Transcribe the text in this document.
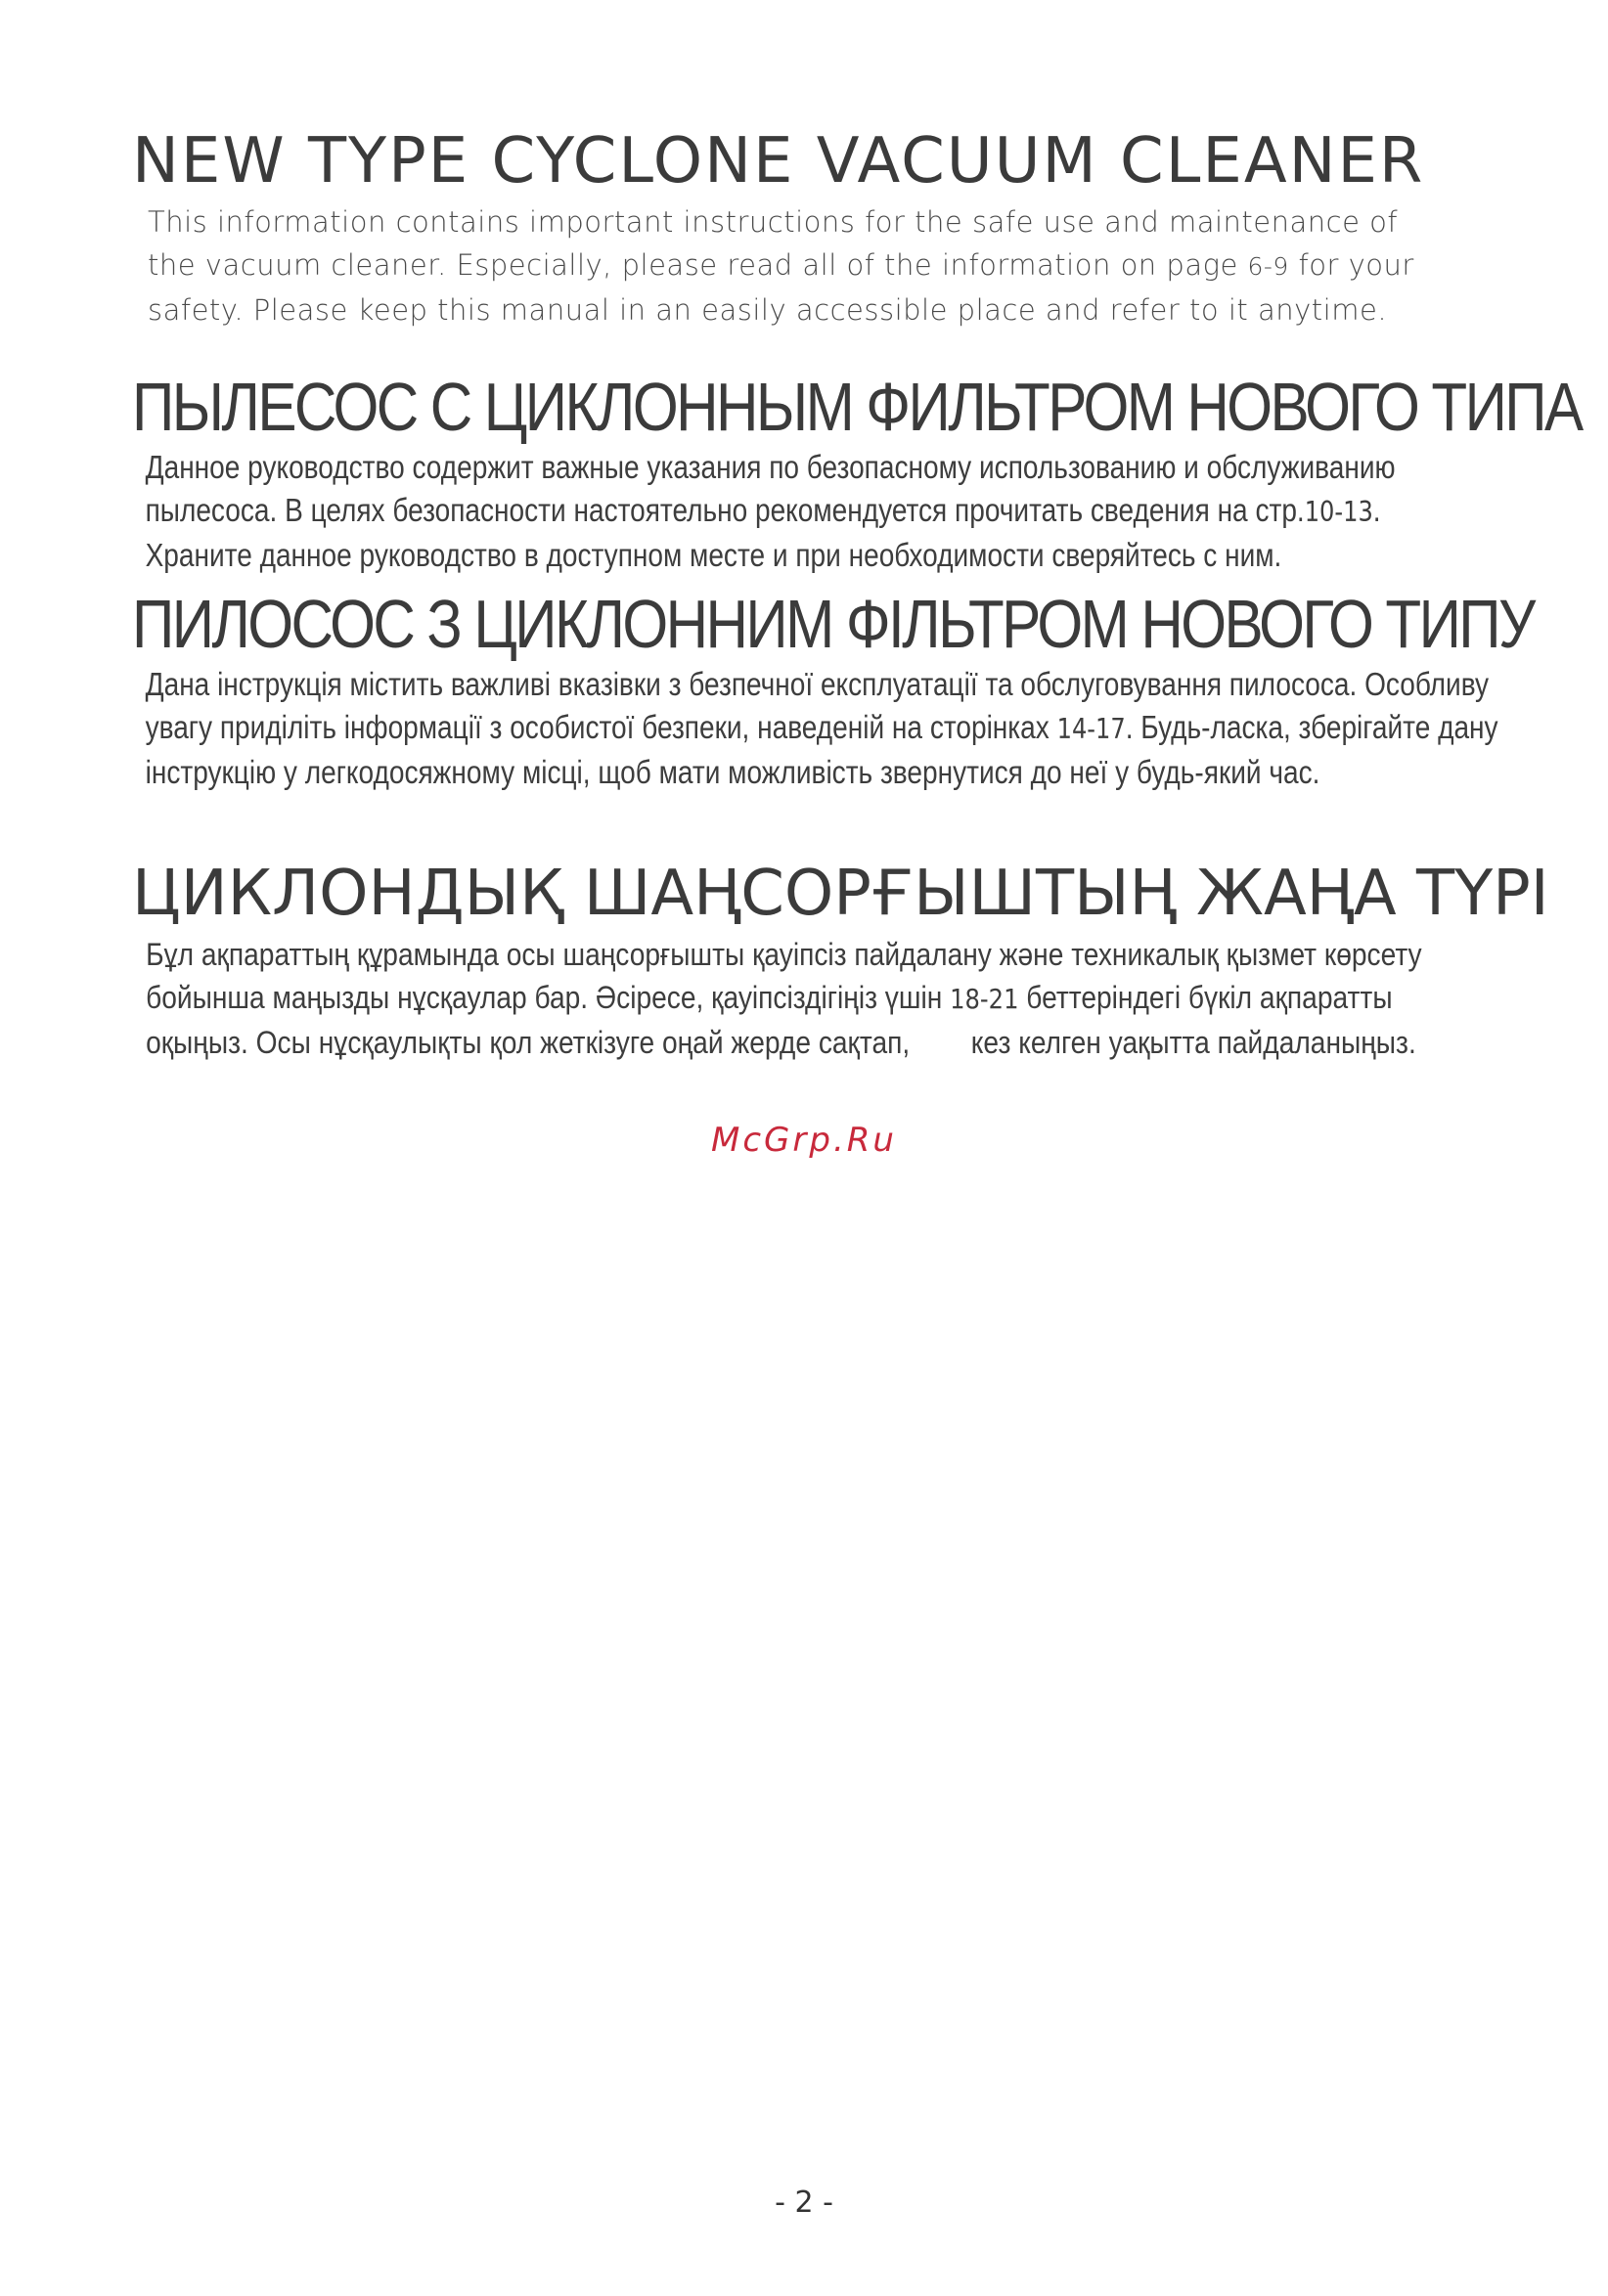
NEW TYPE CYCLONE VACUUM CLEANER

This information contains important instructions for the safe use and maintenance of
the vacuum cleaner. Especially, please read all of the information on page 6-9 for your
safety. Please keep this manual in an easily accessible place and refer to it anytime.

ПЫЛЕСОС С ЦИКЛОННЫМ ФИЛЬТРОМ НОВОГО ТИПА

Данное руководство содержит важные указания по безопасному использованию и обслуживанию
пылесоса. В целях безопасности настоятельно рекомендуется прочитать сведения на стр.10-13.
Храните данное руководство в доступном месте и при необходимости сверяйтесь с ним.

ПИЛОСОС З ЦИКЛОННИМ ФІЛЬТРОМ НОВОГО ТИПУ

Дана інструкція містить важливі вказівки з безпечної експлуатації та обслуговування пилососа. Особливу
увагу приділіть інформації з особистої безпеки, наведеній на сторінках 14-17. Будь-ласка, зберігайте дану
інструкцію у легкодосяжному місці, щоб мати можливість звернутися до неї у будь-який час.

ЦИКЛОНДЫҚ ШАҢСОРҒЫШТЫҢ ЖАҢА ТҮРІ

Бұл ақпараттың құрамында осы шаңсорғышты қауіпсіз пайдалану және техникалық қызмет көрсету
бойынша маңызды нұсқаулар бар. Әсіресе, қауіпсіздігіңіз үшін 18-21 беттеріндегі бүкіл ақпаратты
оқыңыз. Осы нұсқаулықты қол жеткізуге оңай жерде сақтап,        кез келген уақытта пайдаланыңыз.

McGrp.Ru
- 2 -
